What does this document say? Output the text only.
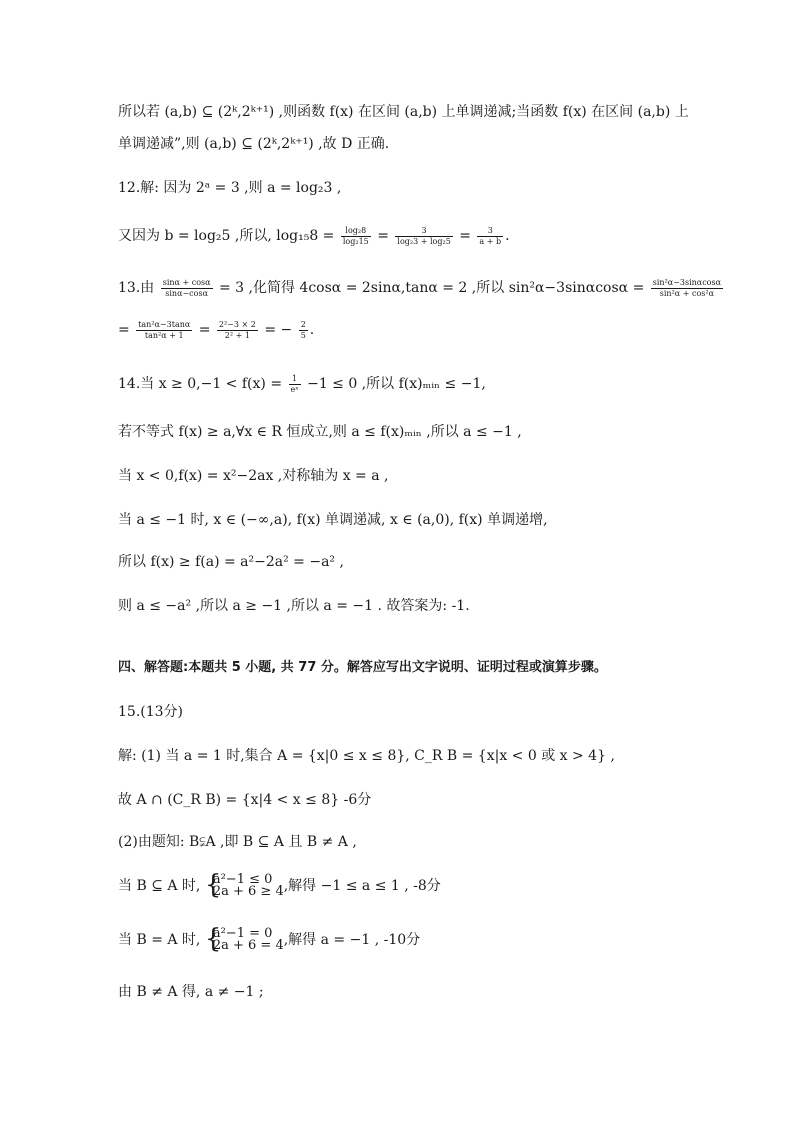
所以若 (a,b) ⊆ (2ᵏ,2ᵏ⁺¹) ,则函数 f(x) 在区间 (a,b) 上单调递减;当函数 f(x) 在区间 (a,b) 上
单调递减”,则 (a,b) ⊆ (2ᵏ,2ᵏ⁺¹) ,故 D 正确.
12.解: 因为 2ᵃ = 3 ,则 a = log₂3 ,
又因为 b = log₂5 ,所以, $\log_{15}8 = \frac{\text{log₂8}}{\text{log₂15}} = \frac{3}{\text{log₂3 + log₂5}} = \frac{3}{a + b}$ .
13.由 $\frac{\sin\alpha + \cos\alpha}{\sin\alpha-\cos\alpha} = 3$ ,化简得 4cosα = 2sinα,tanα = 2 ,所以 $\sin^2\alpha-3\sin\alpha\cos\alpha = \frac{\text{sin²α−3sinαcosα}}{\text{sin²α + cos²α}}$
= $\frac{\text{tan²α−3tanα}}{\text{tan²α + 1}} = \frac{\text{2²−3 × 2}}{\text{2² + 1}}$ = − $\frac{2}{5}$ .
14.当 $x \ge 0,-1 < f(x) = \frac{1}{\text{eˣ}} -1 \le 0$ ,所以 f(x)ₘᵢₙ ≤ −1,
若不等式 f(x) ≥ a,∀x ∈ R 恒成立,则 a ≤ f(x)ₘᵢₙ ,所以 a ≤ −1 ,
当 x < 0,f(x) = x²−2ax ,对称轴为 x = a ,
当 a ≤ −1 时, x ∈ (−∞,a), f(x) 单调递减, x ∈ (a,0), f(x) 单调递增,
所以 f(x) ≥ f(a) = a²−2a² = −a² ,
则 a ≤ −a² ,所以 a ≥ −1 ,所以 a = −1 . 故答案为: -1.
四、解答题:本题共 5 小题, 共 77 分。解答应写出文字说明、证明过程或演算步骤。
15.(13分)
解: (1) 当 a = 1 时,集合 A = {x|0 ≤ x ≤ 8}, C_R B = {x|x < 0 或 x > 4} ,
故 A ∩ (C_R B) = {x|4 < x ≤ 8} -6分
(2)由题知: B⫋A ,即 B ⊆ A 且 B ≠ A ,
当 B ⊆ A 时, { a²−1 ≤ 0
2a + 6 ≥ 4 ,解得 −1 ≤ a ≤ 1 , -8分
当 B = A 时, { a²−1 = 0
2a + 6 = 4 ,解得 a = −1 , -10分
由 B ≠ A 得, a ≠ −1 ;
